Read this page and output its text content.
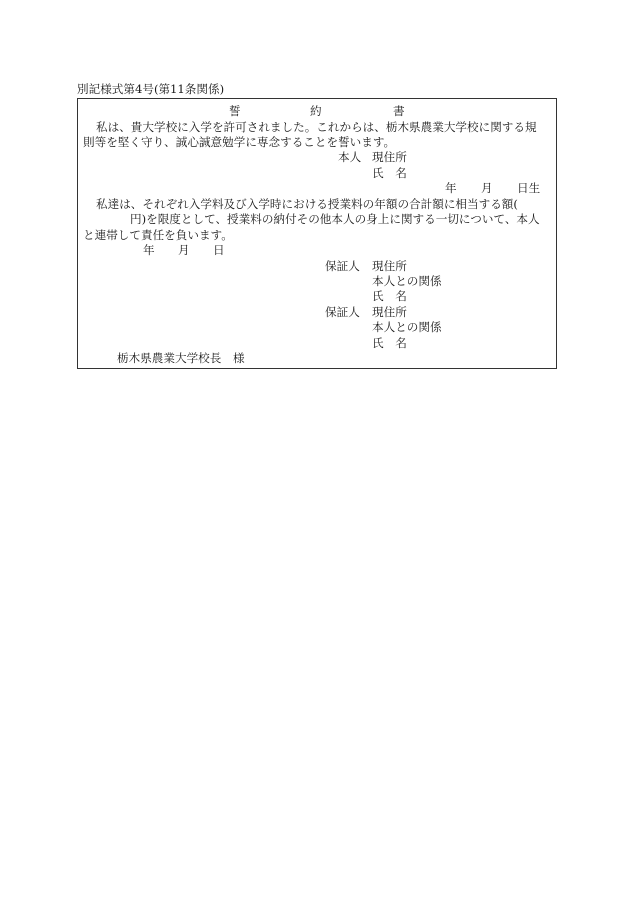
別記様式第4号(第11条関係)
誓	約	書
私は、貴大学校に入学を許可されました。これからは、栃木県農業大学校に関する規
則等を堅く守り、誠心誠意勉学に専念することを誓います。
本人 現住所
氏　名
年 月 日生
私達は、それぞれ入学料及び入学時における授業料の年額の合計額に相当する額(
円)を限度として、授業料の納付その他本人の身上に関する一切について、本人
と連帯して責任を負います。
年 月 日
保証人 現住所
本人との関係
氏　名
保証人 現住所
本人との関係
氏　名
栃木県農業大学校長　様
